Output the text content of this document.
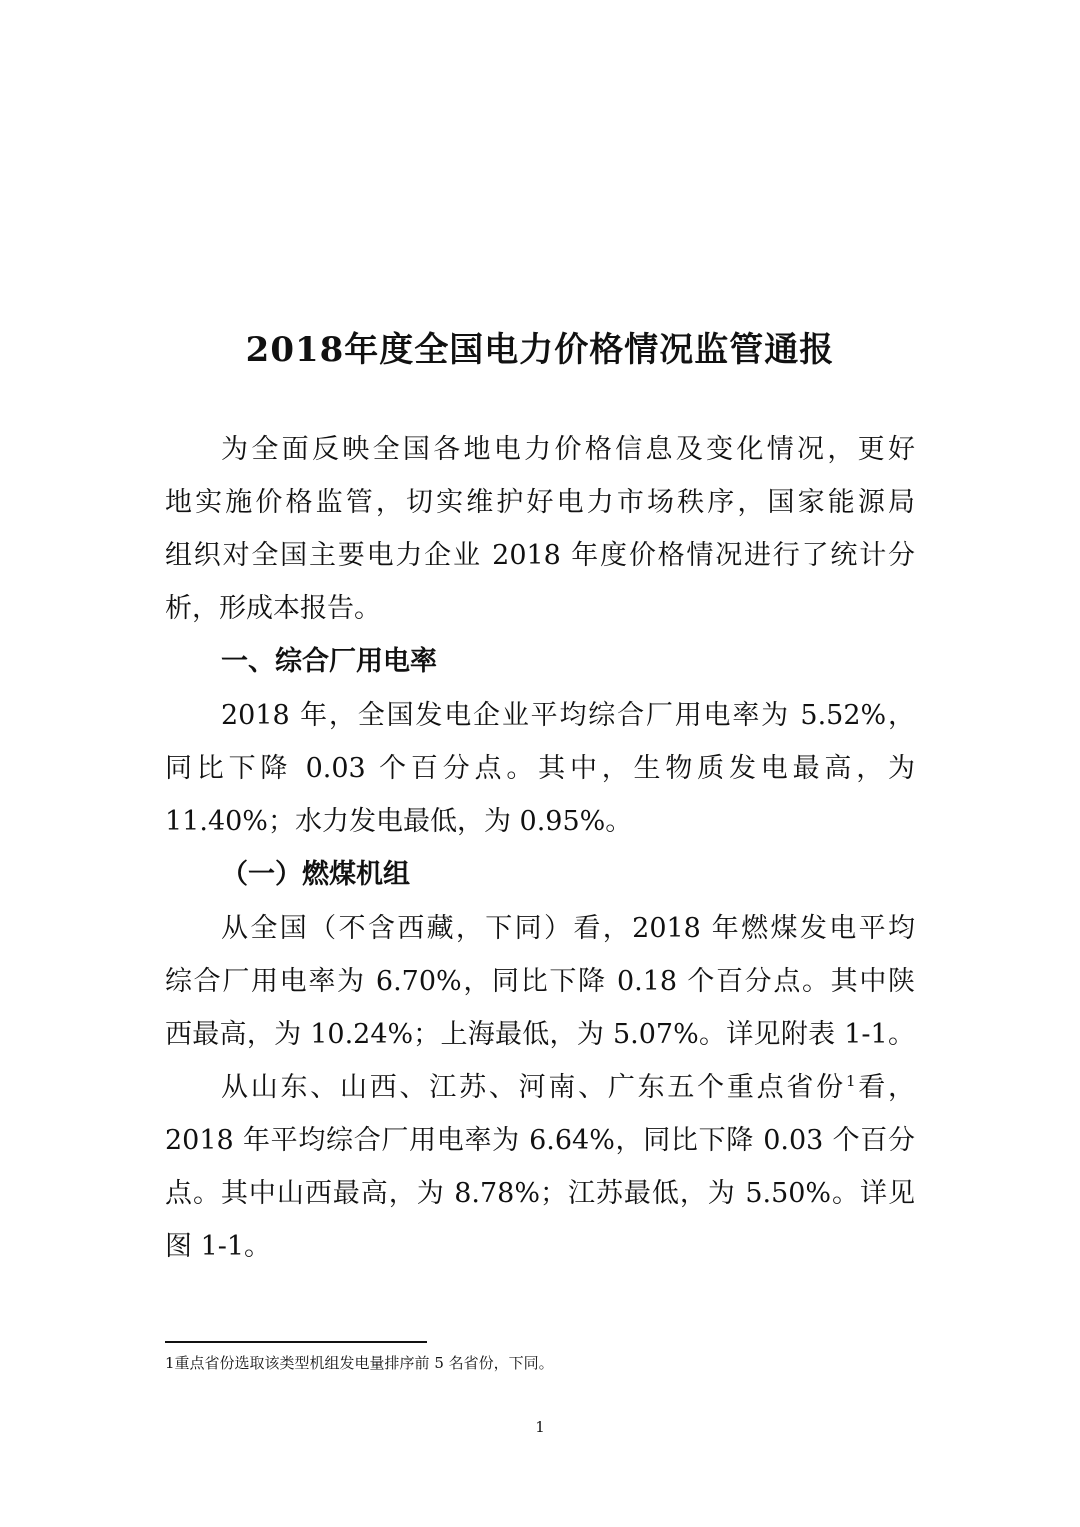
2018年度全国电力价格情况监管通报
为全面反映全国各地电力价格信息及变化情况，更好
地实施价格监管，切实维护好电力市场秩序，国家能源局
组织对全国主要电力企业 2018 年度价格情况进行了统计分
析，形成本报告。
一、综合厂用电率
2018 年，全国发电企业平均综合厂用电率为 5.52%，
同比下降 0.03 个百分点。其中，生物质发电最高，为
11.40%；水力发电最低，为 0.95%。
（一）燃煤机组
从全国（不含西藏，下同）看，2018 年燃煤发电平均
综合厂用电率为 6.70%，同比下降 0.18 个百分点。其中陕
西最高，为 10.24%；上海最低，为 5.07%。详见附表 1-1。
从山东、山西、江苏、河南、广东五个重点省份$^1$看，
2018 年平均综合厂用电率为 6.64%，同比下降 0.03 个百分
点。其中山西最高，为 8.78%；江苏最低，为 5.50%。详见
图 1-1。
1重点省份选取该类型机组发电量排序前 5 名省份，下同。
1
